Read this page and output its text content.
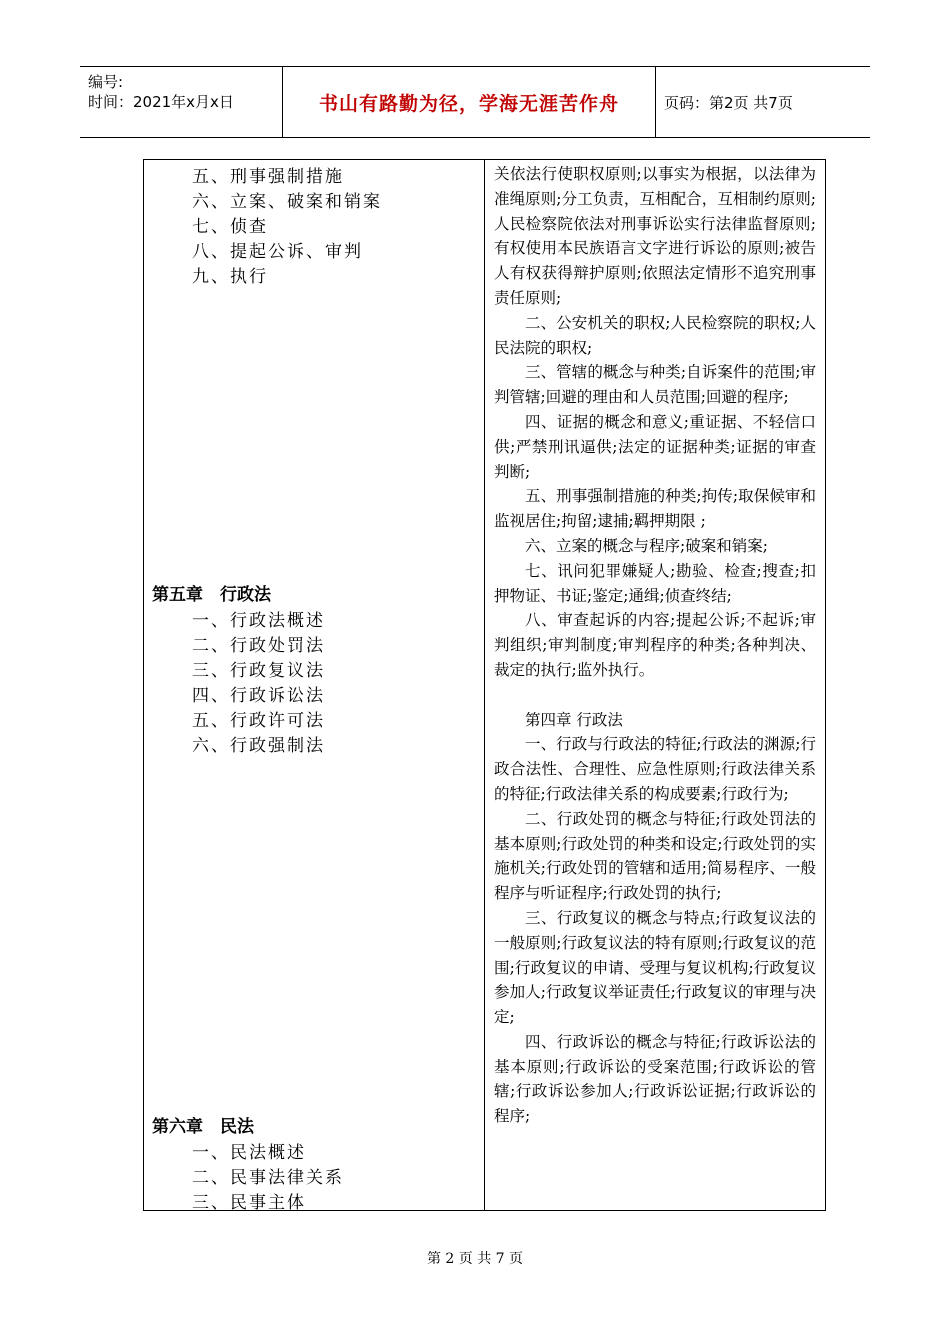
编号:
时间：2021年x月x日	书山有路勤为径，学海无涯苦作舟	页码：第2页 共7页
五、刑事强制措施
六、立案、破案和销案
七、侦查
八、提起公诉、审判
九、执行
第五章　行政法
一、行政法概述
二、行政处罚法
三、行政复议法
四、行政诉讼法
五、行政许可法
六、行政强制法
第六章　民法
一、民法概述
二、民事法律关系
三、民事主体

关依法行使职权原则;以事实为根据，以法律为准绳原则;分工负责，互相配合，互相制约原则;人民检察院依法对刑事诉讼实行法律监督原则;有权使用本民族语言文字进行诉讼的原则;被告人有权获得辩护原则;依照法定情形不追究刑事责任原则;

二、公安机关的职权;人民检察院的职权;人民法院的职权;

三、管辖的概念与种类;自诉案件的范围;审判管辖;回避的理由和人员范围;回避的程序;

四、证据的概念和意义;重证据、不轻信口供;严禁刑讯逼供;法定的证据种类;证据的审查判断;

五、刑事强制措施的种类;拘传;取保候审和监视居住;拘留;逮捕;羁押期限 ;

六、立案的概念与程序;破案和销案;

七、讯问犯罪嫌疑人;勘验、检查;搜查;扣押物证、书证;鉴定;通缉;侦查终结;

八、审查起诉的内容;提起公诉;不起诉;审判组织;审判制度;审判程序的种类;各种判决、裁定的执行;监外执行。

第四章 行政法

一、行政与行政法的特征;行政法的渊源;行政合法性、合理性、应急性原则;行政法律关系的特征;行政法律关系的构成要素;行政行为;

二、行政处罚的概念与特征;行政处罚法的基本原则;行政处罚的种类和设定;行政处罚的实施机关;行政处罚的管辖和适用;简易程序、一般程序与听证程序;行政处罚的执行;

三、行政复议的概念与特点;行政复议法的一般原则;行政复议法的特有原则;行政复议的范围;行政复议的申请、受理与复议机构;行政复议参加人;行政复议举证责任;行政复议的审理与决定;

四、行政诉讼的概念与特征;行政诉讼法的基本原则;行政诉讼的受案范围;行政诉讼的管辖;行政诉讼参加人;行政诉讼证据;行政诉讼的程序;

第 2 页 共 7 页
